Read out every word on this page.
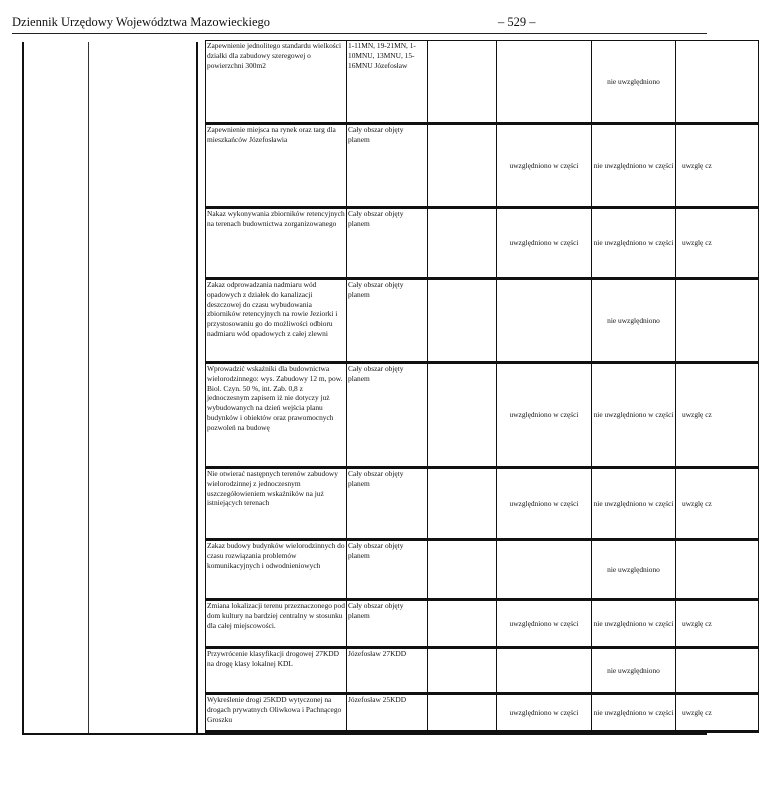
Dziennik Urzędowy Województwa Mazowieckiego	– 529 –
Zapewnienie jednolitego standardu wielkości działki dla zabudowy szeregowej o powierzchni 300m2	1-11MN, 19-21MN, 1-10MNU, 13MNU, 15-16MNU Józefosław			nie uwzględniono	
Zapewnienie miejsca na rynek oraz targ dla mieszkańców Józefosławia	Cały obszar objęty planem		uwzględniono w części	nie uwzględniono w części	uwzglę cz
Nakaz wykonywania zbiorników retencyjnych na terenach budownictwa zorganizowanego	Cały obszar objęty planem		uwzględniono w części	nie uwzględniono w części	uwzglę cz
Zakaz odprowadzania nadmiaru wód opadowych z działek do kanalizacji deszczowej do czasu wybudowania zbiorników retencyjnych na rowie Jeziorki i przystosowaniu go do możliwości odbioru nadmiaru wód opadowych z całej zlewni	Cały obszar objęty planem			nie uwzględniono	
Wprowadzić wskaźniki dla budownictwa wielorodzinnego: wys. Zabudowy 12 m, pow. Biol. Czyn. 50 %, int. Zab. 0,8 z jednoczesnym zapisem iż nie dotyczy już wybudowanych na dzień wejścia planu budynków i obiektów oraz prawomocnych pozwoleń na budowę	Cały obszar objęty planem		uwzględniono w części	nie uwzględniono w części	uwzglę cz
Nie otwierać następnych terenów zabudowy wielorodzinnej z jednoczesnym uszczegółowieniem wskaźników na już istniejących terenach	Cały obszar objęty planem		uwzględniono w części	nie uwzględniono w części	uwzglę cz
Zakaz budowy budynków wielorodzinnych do czasu rozwiązania problemów komunikacyjnych i odwodnieniowych	Cały obszar objęty planem			nie uwzględniono	
Zmiana lokalizacji terenu przeznaczonego pod dom kultury na bardziej centralny w stosunku dla całej miejscowości.	Cały obszar objęty planem		uwzględniono w części	nie uwzględniono w części	uwzglę cz
Przywrócenie klasyfikacji drogowej 27KDD na drogę klasy lokalnej KDL	Józefosław 27KDD			nie uwzględniono	
Wykreślenie drogi 25KDD wytyczonej na drogach prywatnych Oliwkowa i Pachnącego Groszku	Józefosław 25KDD		uwzględniono w części	nie uwzględniono w części	uwzglę cz
